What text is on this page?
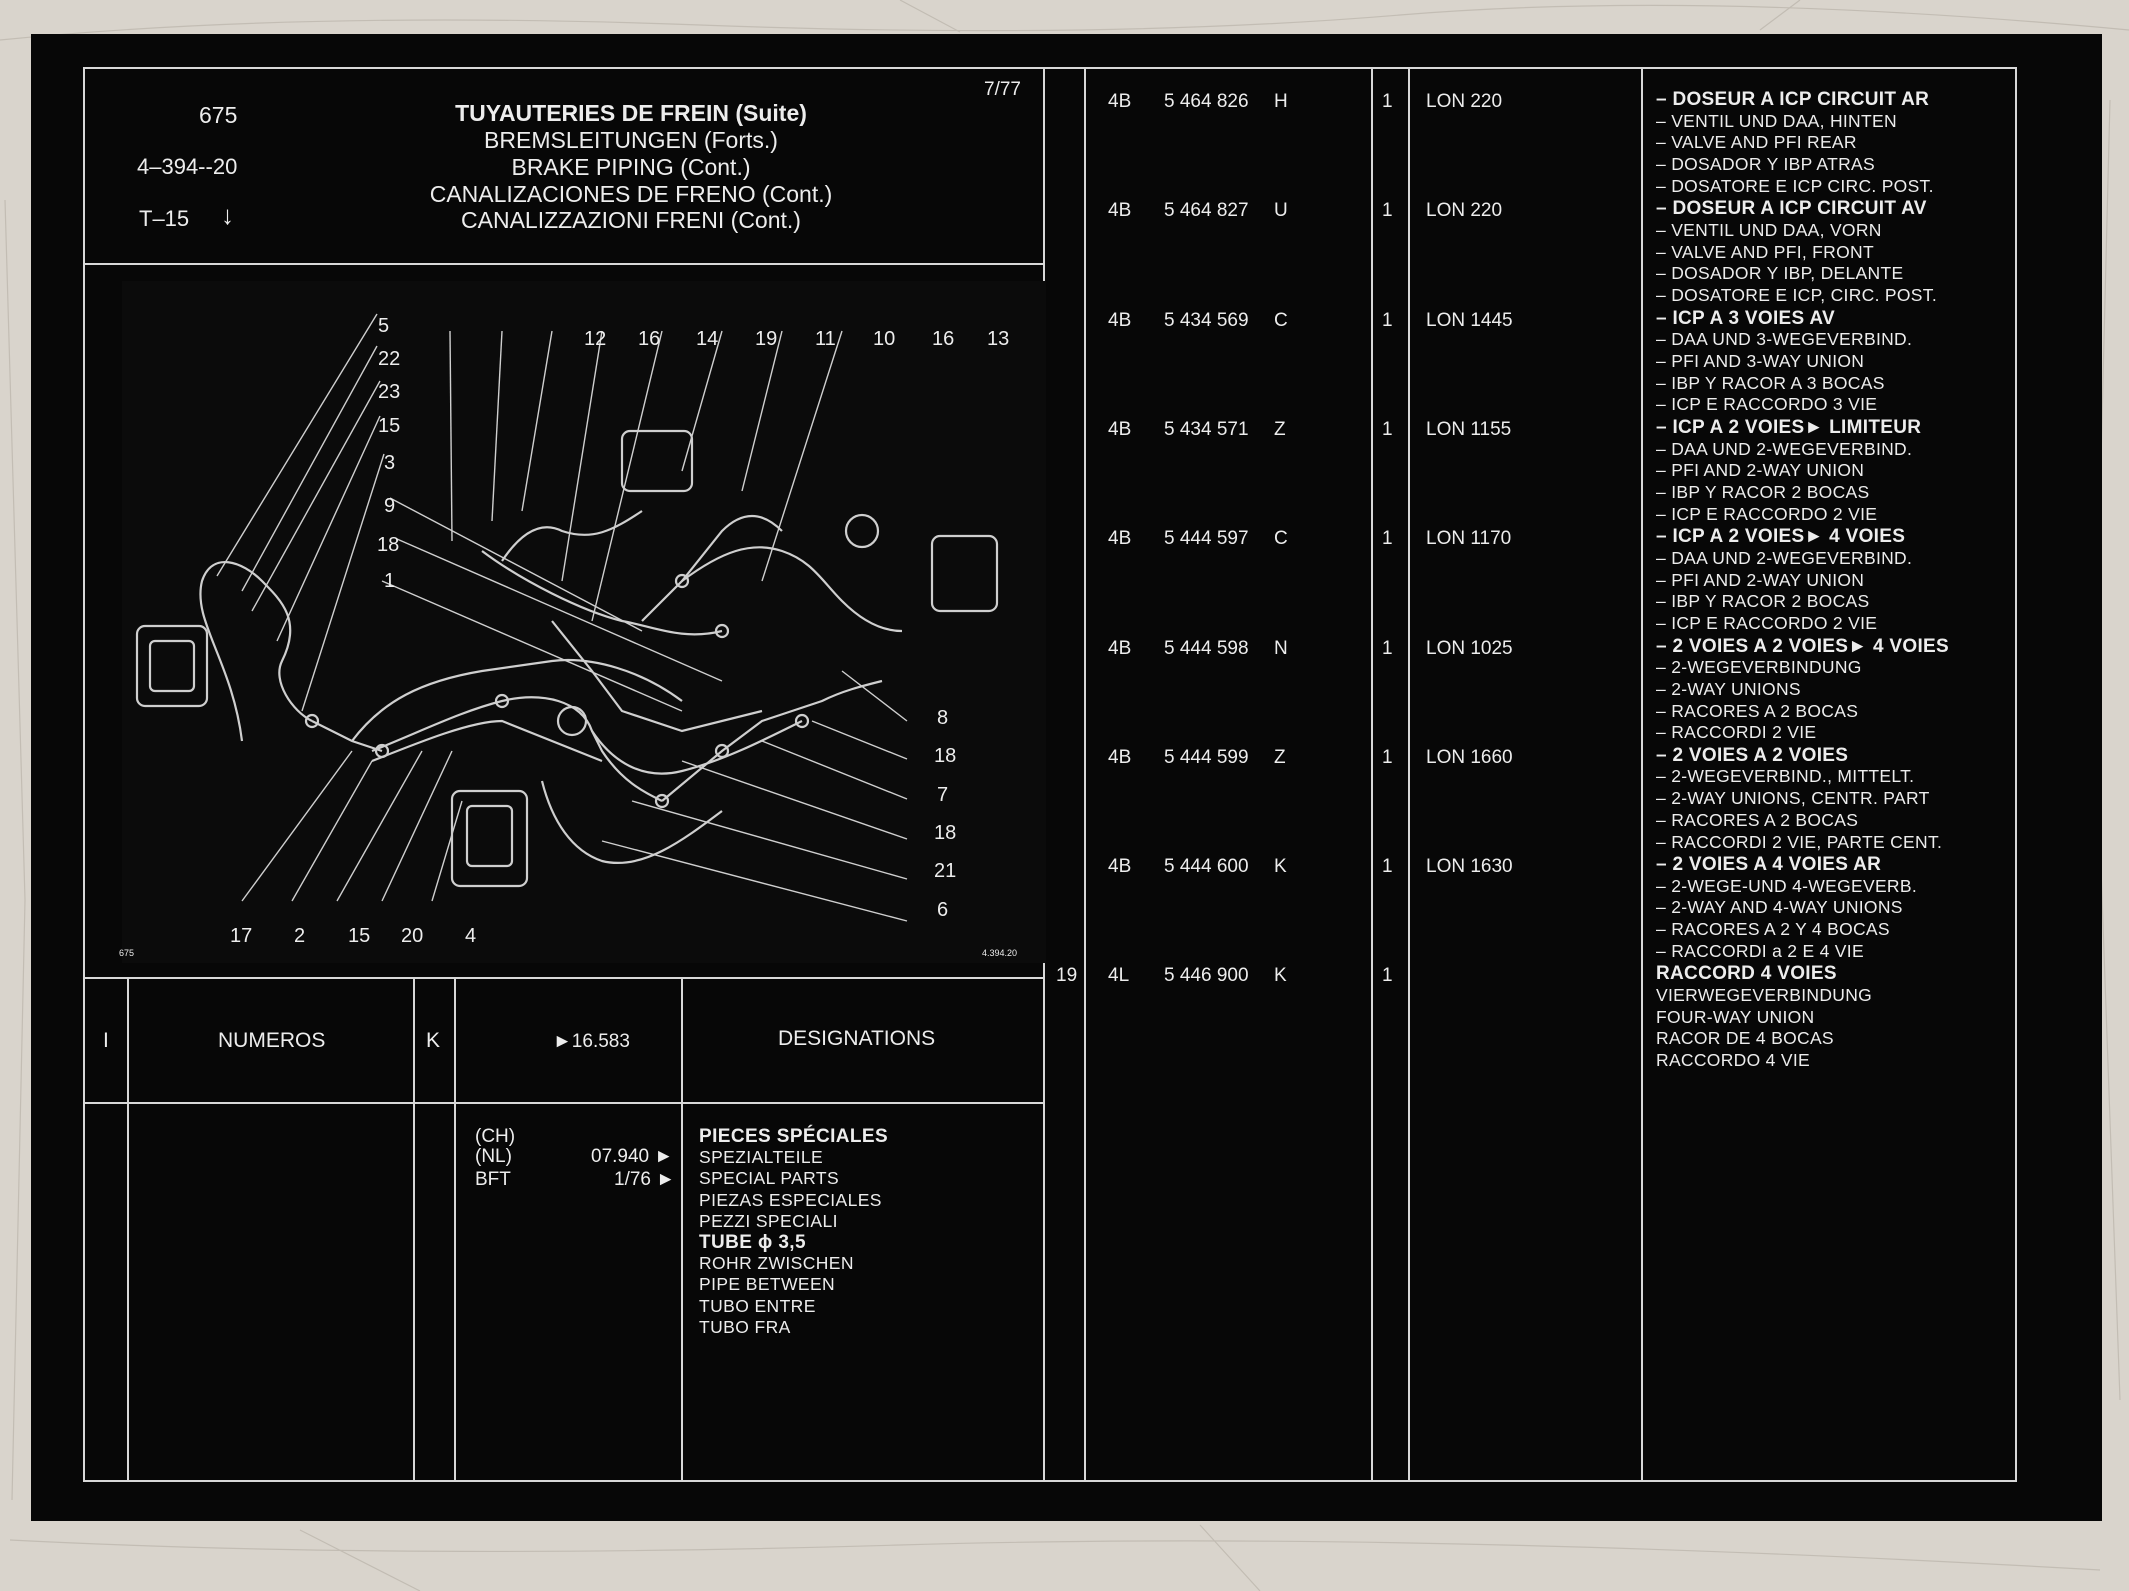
675
4–394--20
T–15 ↓
7/77
TUYAUTERIES DE FREIN (Suite)
BREMSLEITUNGEN (Forts.)
BRAKE PIPING (Cont.)
CANALIZACIONES DE FRENO (Cont.)
CANALIZZAZIONI FRENI (Cont.)
5
22
23
15
3
9
18
1
12 16 14 19 11 10 16 13
8
18
7
18
21
6
17 2 15 20 4
675	4.394.20
I	NUMEROS	K	►16.583	DESIGNATIONS
(CH)
(NL)	07.940 ►
BFT	1/76 ►
PIECES SPÉCIALES
SPEZIALTEILE
SPECIAL PARTS
PIEZAS ESPECIALES
PEZZI SPECIALI
TUBE ϕ 3,5
ROHR ZWISCHEN
PIPE BETWEEN
TUBO ENTRE
TUBO FRA
4B 5 464 826 H	1 LON 220	– DOSEUR A ICP CIRCUIT AR
– VENTIL UND DAA, HINTEN
– VALVE AND PFI REAR
– DOSADOR Y IBP ATRAS
– DOSATORE E ICP CIRC. POST.
4B 5 464 827 U	1 LON 220	– DOSEUR A ICP CIRCUIT AV
– VENTIL UND DAA, VORN
– VALVE AND PFI, FRONT
– DOSADOR Y IBP, DELANTE
– DOSATORE E ICP, CIRC. POST.
4B 5 434 569 C	1 LON 1445	– ICP A 3 VOIES AV
– DAA UND 3-WEGEVERBIND.
– PFI AND 3-WAY UNION
– IBP Y RACOR A 3 BOCAS
– ICP E RACCORDO 3 VIE
4B 5 434 571 Z	1 LON 1155	– ICP A 2 VOIES► LIMITEUR
– DAA UND 2-WEGEVERBIND.
– PFI AND 2-WAY UNION
– IBP Y RACOR 2 BOCAS
– ICP E RACCORDO 2 VIE
4B 5 444 597 C	1 LON 1170	– ICP A 2 VOIES► 4 VOIES
– DAA UND 2-WEGEVERBIND.
– PFI AND 2-WAY UNION
– IBP Y RACOR 2 BOCAS
– ICP E RACCORDO 2 VIE
4B 5 444 598 N	1 LON 1025	– 2 VOIES A 2 VOIES► 4 VOIES
– 2-WEGEVERBINDUNG
– 2-WAY UNIONS
– RACORES A 2 BOCAS
– RACCORDI 2 VIE
4B 5 444 599 Z	1 LON 1660	– 2 VOIES A 2 VOIES
– 2-WEGEVERBIND., MITTELT.
– 2-WAY UNIONS, CENTR. PART
– RACORES A 2 BOCAS
– RACCORDI 2 VIE, PARTE CENT.
4B 5 444 600 K	1 LON 1630	– 2 VOIES A 4 VOIES AR
– 2-WEGE-UND 4-WEGEVERB.
– 2-WAY AND 4-WAY UNIONS
– RACORES A 2 Y 4 BOCAS
– RACCORDI a 2 E 4 VIE
19 4L 5 446 900 K	1	RACCORD 4 VOIES
VIERWEGEVERBINDUNG
FOUR-WAY UNION
RACOR DE 4 BOCAS
RACCORDO 4 VIE
